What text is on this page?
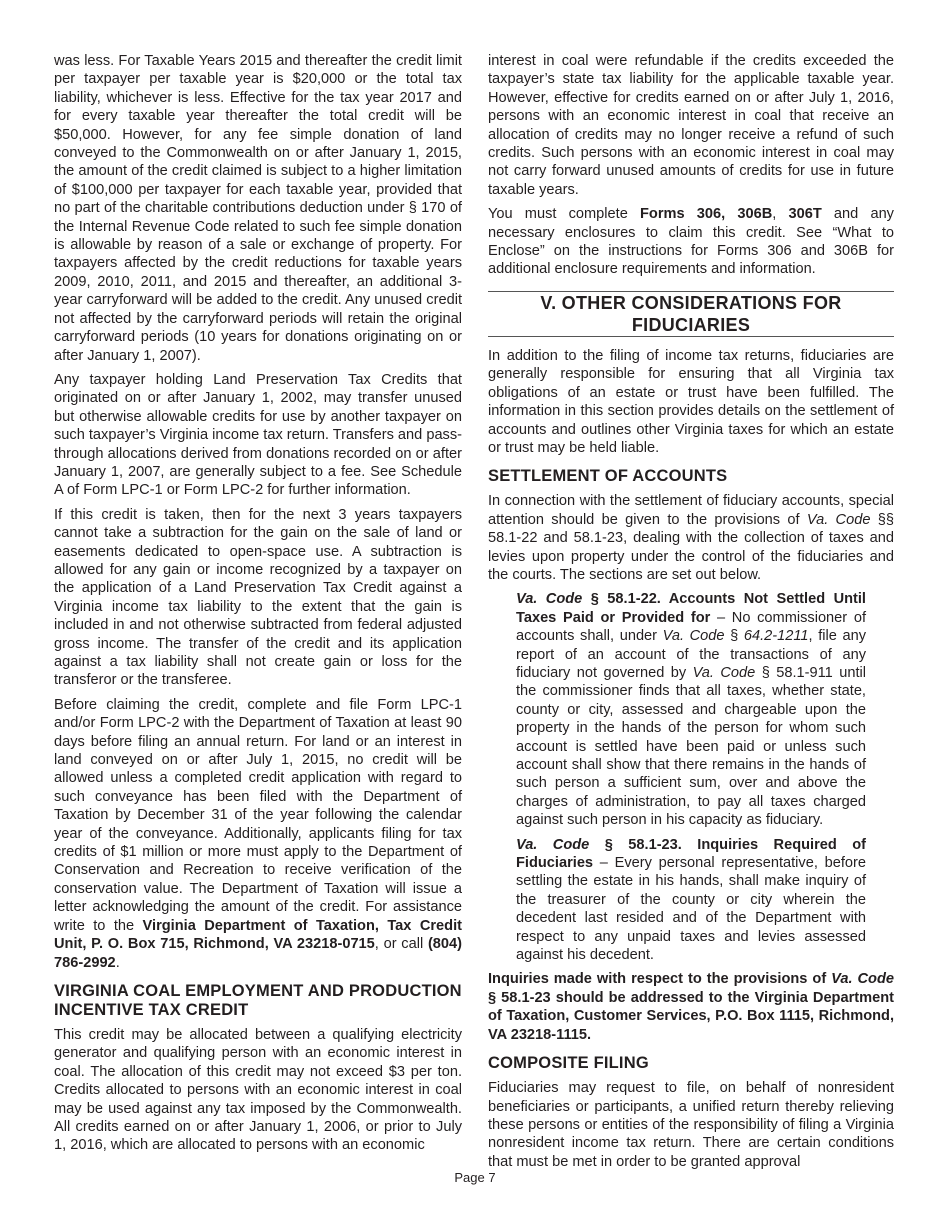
was less. For Taxable Years 2015 and thereafter the credit limit per taxpayer per taxable year is $20,000 or the total tax liability, whichever is less. Effective for the tax year 2017 and for every taxable year thereafter the total credit will be $50,000. However, for any fee simple donation of land conveyed to the Commonwealth on or after January 1, 2015, the amount of the credit claimed is subject to a higher limitation of $100,000 per taxpayer for each taxable year, provided that no part of the charitable contributions deduction under § 170 of the Internal Revenue Code related to such fee simple donation is allowable by reason of a sale or exchange of property. For taxpayers affected by the credit reductions for taxable years 2009, 2010, 2011, and 2015 and thereafter, an additional 3-year carryforward will be added to the credit. Any unused credit not affected by the carryforward periods will retain the original carryforward periods (10 years for donations originating on or after January 1, 2007).

Any taxpayer holding Land Preservation Tax Credits that originated on or after January 1, 2002, may transfer unused but otherwise allowable credits for use by another taxpayer on such taxpayer’s Virginia income tax return. Transfers and pass-through allocations derived from donations recorded on or after January 1, 2007, are generally subject to a fee. See Schedule A of Form LPC-1 or Form LPC-2 for further information.

If this credit is taken, then for the next 3 years taxpayers cannot take a subtraction for the gain on the sale of land or easements dedicated to open-space use. A subtraction is allowed for any gain or income recognized by a taxpayer on the application of a Land Preservation Tax Credit against a Virginia income tax liability to the extent that the gain is included in and not otherwise subtracted from federal adjusted gross income. The transfer of the credit and its application against a tax liability shall not create gain or loss for the transferor or the transferee.

Before claiming the credit, complete and file Form LPC-1 and/or Form LPC-2 with the Department of Taxation at least 90 days before filing an annual return. For land or an interest in land conveyed on or after July 1, 2015, no credit will be allowed unless a completed credit application with regard to such conveyance has been filed with the Department of Taxation by December 31 of the year following the calendar year of the conveyance. Additionally, applicants filing for tax credits of $1 million or more must apply to the Department of Conservation and Recreation to receive verification of the conservation value. The Department of Taxation will issue a letter acknowledging the amount of the credit. For assistance write to the Virginia Department of Taxation, Tax Credit Unit, P. O. Box 715, Richmond, VA 23218-0715, or call (804) 786-2992.

VIRGINIA COAL EMPLOYMENT AND PRODUCTION INCENTIVE TAX CREDIT

This credit may be allocated between a qualifying electricity generator and qualifying person with an economic interest in coal. The allocation of this credit may not exceed $3 per ton. Credits allocated to persons with an economic interest in coal may be used against any tax imposed by the Commonwealth. All credits earned on or after January 1, 2006, or prior to July 1, 2016, which are allocated to persons with an economic

interest in coal were refundable if the credits exceeded the taxpayer’s state tax liability for the applicable taxable year. However, effective for credits earned on or after July 1, 2016, persons with an economic interest in coal that receive an allocation of credits may no longer receive a refund of such credits. Such persons with an economic interest in coal may not carry forward unused amounts of credits for use in future taxable years.

You must complete Forms 306, 306B, 306T and any necessary enclosures to claim this credit. See “What to Enclose” on the instructions for Forms 306 and 306B for additional enclosure requirements and information.

V. OTHER CONSIDERATIONS FOR FIDUCIARIES

In addition to the filing of income tax returns, fiduciaries are generally responsible for ensuring that all Virginia tax obligations of an estate or trust have been fulfilled. The information in this section provides details on the settlement of accounts and outlines other Virginia taxes for which an estate or trust may be held liable.

SETTLEMENT OF ACCOUNTS

In connection with the settlement of fiduciary accounts, special attention should be given to the provisions of Va. Code §§ 58.1-22 and 58.1-23, dealing with the collection of taxes and levies upon property under the control of the fiduciaries and the courts. The sections are set out below.

Va. Code § 58.1-22. Accounts Not Settled Until Taxes Paid or Provided for – No commissioner of accounts shall, under Va. Code § 64.2-1211, file any report of an account of the transactions of any fiduciary not governed by Va. Code § 58.1-911 until the commissioner finds that all taxes, whether state, county or city, assessed and chargeable upon the property in the hands of the person for whom such account is settled have been paid or unless such account shall show that there remains in the hands of such person a sufficient sum, over and above the charges of administration, to pay all taxes charged against such person in his capacity as fiduciary.

Va. Code § 58.1-23. Inquiries Required of Fiduciaries – Every personal representative, before settling the estate in his hands, shall make inquiry of the treasurer of the county or city wherein the decedent last resided and of the Department with respect to any unpaid taxes and levies assessed against his decedent.

Inquiries made with respect to the provisions of Va. Code § 58.1-23 should be addressed to the Virginia Department of Taxation, Customer Services, P.O. Box 1115, Richmond, VA 23218-1115.

COMPOSITE FILING

Fiduciaries may request to file, on behalf of nonresident beneficiaries or participants, a unified return thereby relieving these persons or entities of the responsibility of filing a Virginia nonresident income tax return. There are certain conditions that must be met in order to be granted approval

Page 7
